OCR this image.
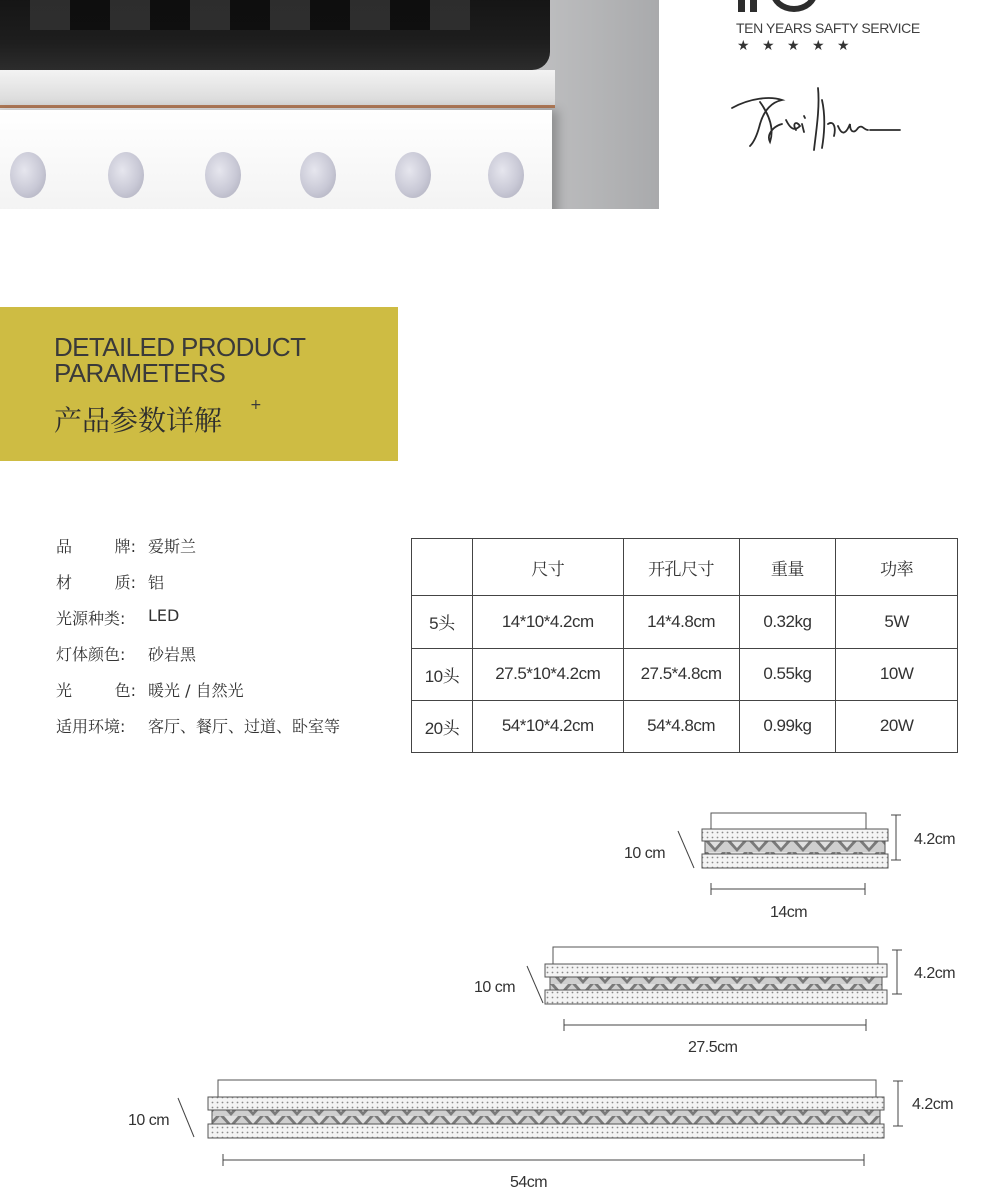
TEN YEARS SAFTY SERVICE
★ ★ ★ ★ ★
DETAILED PRODUCT
PARAMETERS
产品参数详解 +
品	牌: 爱斯兰
材	质: 铝
光源种类:	LED
灯体颜色:	砂岩黑
光	色: 暖光 / 自然光
适用环境:	客厅、餐厅、过道、卧室等
	尺寸	开孔尺寸	重量	功率
5头	14*10*4.2cm	14*4.8cm	0.32kg	5W
10头	27.5*10*4.2cm	27.5*4.8cm	0.55kg	10W
20头	54*10*4.2cm	54*4.8cm	0.99kg	20W
10 cm
4.2cm
14cm
10 cm
4.2cm
27.5cm
10 cm
4.2cm
54cm
